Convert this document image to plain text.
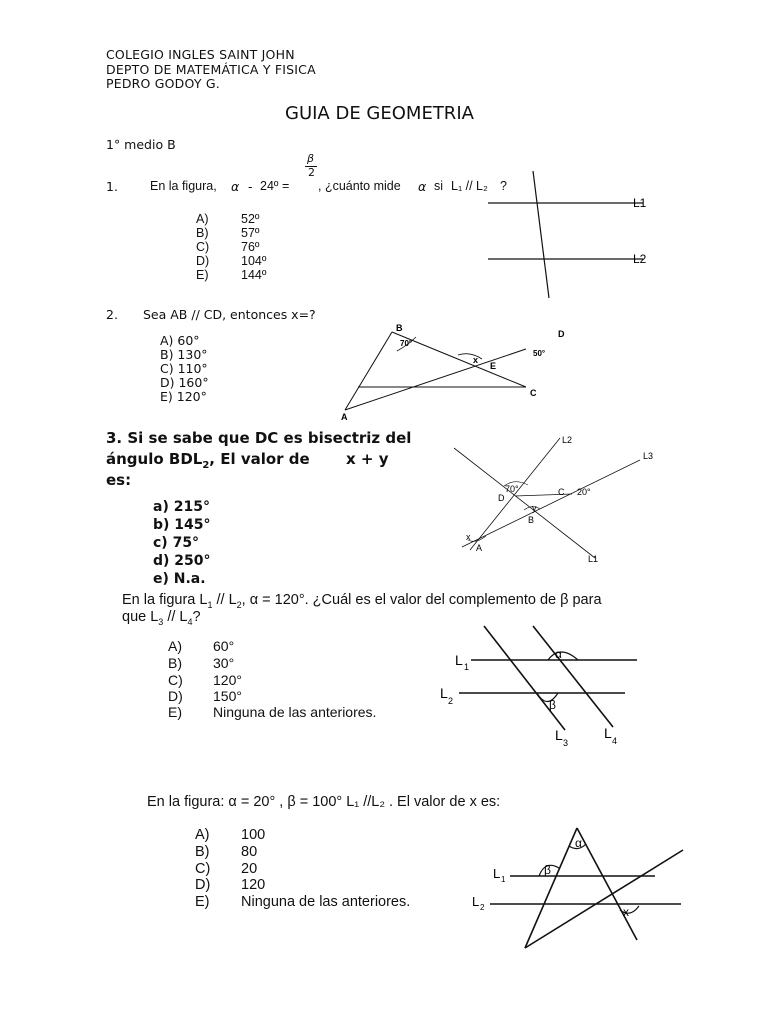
COLEGIO INGLES SAINT JOHN
DEPTO DE MATEMÁTICA Y FISICA
PEDRO GODOY G.
GUIA DE GEOMETRIA
1° medio B
1.	En la figura, α - 24º =
β
2
, ¿cuánto mide α si L₁ // L₂ ?
A)	52º
B)	57º
C)	76º
D)	104º
E)	144º
L1
L2
2. Sea AB // CD, entonces x=?
A) 60°
B) 130°
C) 110°
D) 160°
E) 120°
B
D
E
C
A
x
70°
50°
3. Si se sabe que DC es bisectriz del
ángulo $BDL_2$, El valor de x + y
es:
a) 215°
b) 145°
c) 75°
d) 250°
e) N.a.
L2
L3
L1
D
C
B
A
70°	20°
y
x
En la figura $L_1 // L_2$, α = 120°. ¿Cuál es el valor del complemento de β para
que $L_3 // L_4$?
A) 60°
B) 30°
C) 120°
D) 150°
E) Ninguna de las anteriores.
L 1
L 2
L 3
L 4
α
β
En la figura: α = 20° , β = 100° L₁ //L₂ . El valor de x es:
A) 100
B) 80
C) 20
D) 120
E) Ninguna de las anteriores.
L 1
L 2
α
β
x
